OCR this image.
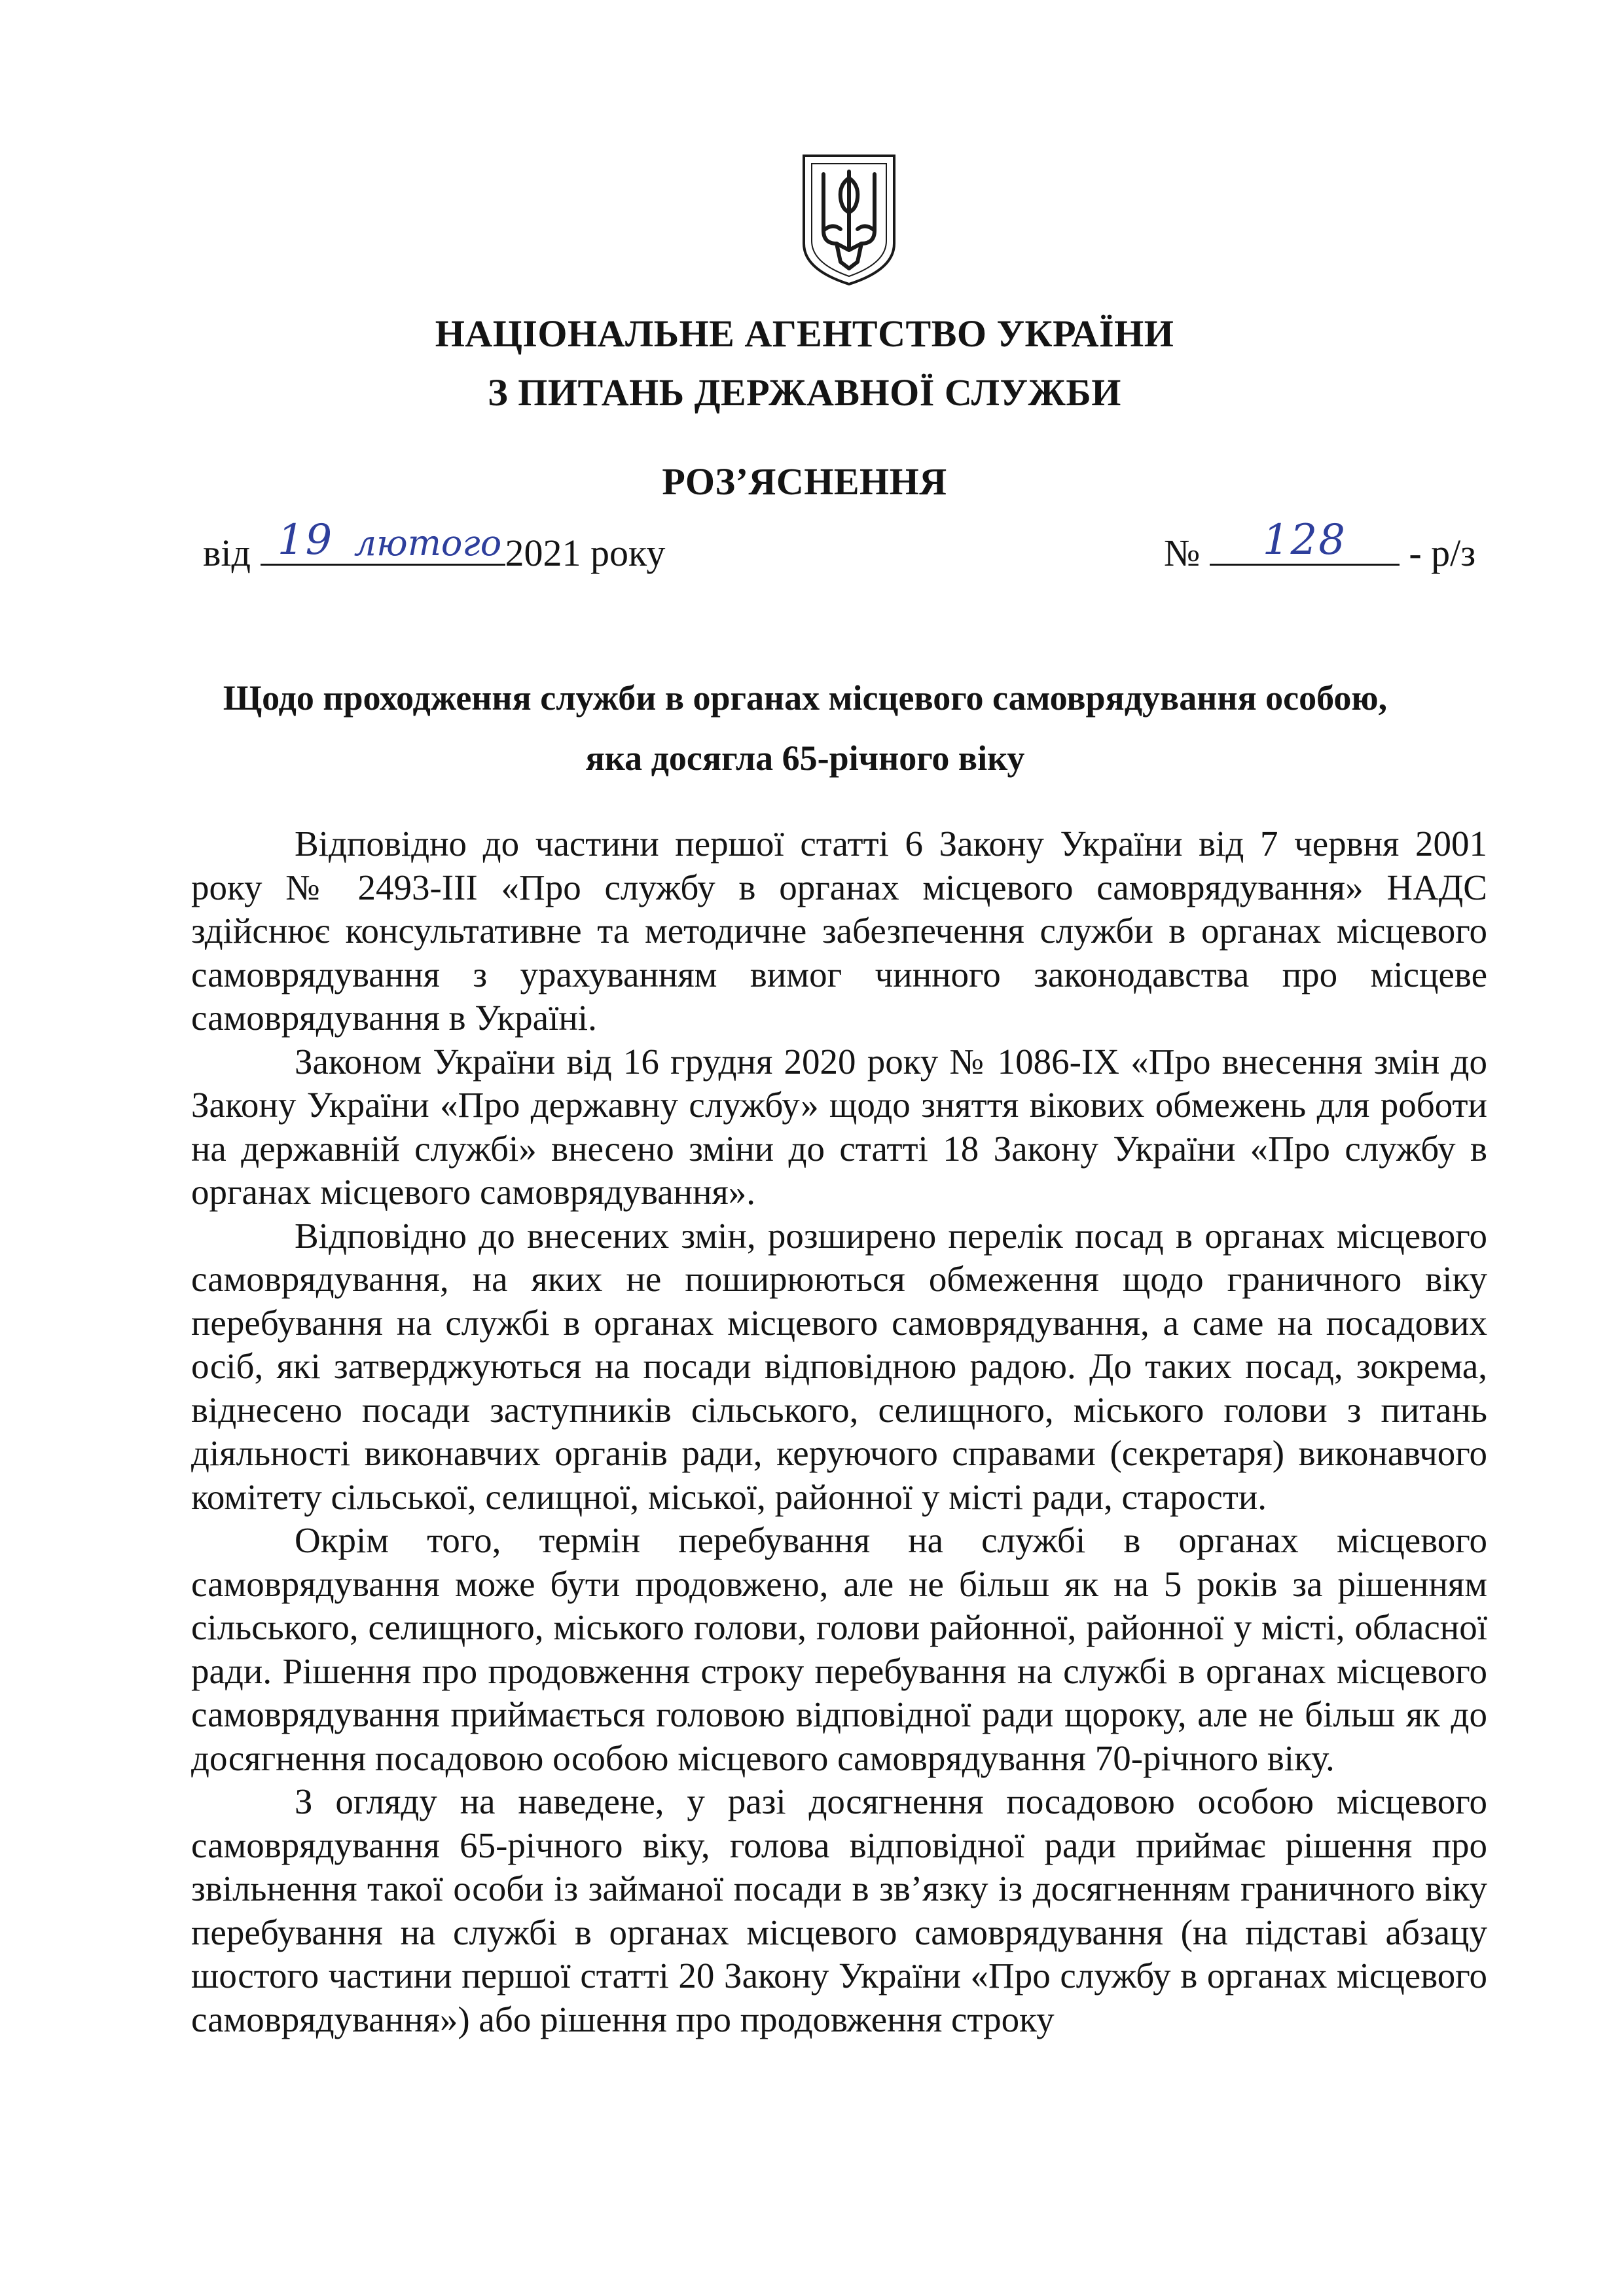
НАЦІОНАЛЬНЕ АГЕНТСТВО УКРАЇНИ
З ПИТАНЬ ДЕРЖАВНОЇ СЛУЖБИ
РОЗ’ЯСНЕННЯ
від 19 лютого 2021 року	№	128	- р/з
Щодо проходження служби в органах місцевого самоврядування особою,
яка досягла 65-річного віку

Відповідно до частини першої статті 6 Закону України від 7 червня 2001 року № 2493-III «Про службу в органах місцевого самоврядування» НАДС здійснює консультативне та методичне забезпечення служби в органах місцевого самоврядування з урахуванням вимог чинного законодавства про місцеве самоврядування в Україні.

Законом України від 16 грудня 2020 року № 1086-IX «Про внесення змін до Закону України «Про державну службу» щодо зняття вікових обмежень для роботи на державній службі» внесено зміни до статті 18 Закону України «Про службу в органах місцевого самоврядування».

Відповідно до внесених змін, розширено перелік посад в органах місцевого самоврядування, на яких не поширюються обмеження щодо граничного віку перебування на службі в органах місцевого самоврядування, а саме на посадових осіб, які затверджуються на посади відповідною радою. До таких посад, зокрема, віднесено посади заступників сільського, селищного, міського голови з питань діяльності виконавчих органів ради, керуючого справами (секретаря) виконавчого комітету сільської, селищної, міської, районної у місті ради, старости.

Окрім того, термін перебування на службі в органах місцевого самоврядування може бути продовжено, але не більш як на 5 років за рішенням сільського, селищного, міського голови, голови районної, районної у місті, обласної ради. Рішення про продовження строку перебування на службі в органах місцевого самоврядування приймається головою відповідної ради щороку, але не більш як до досягнення посадовою особою місцевого самоврядування 70-річного віку.

З огляду на наведене, у разі досягнення посадовою особою місцевого самоврядування 65-річного віку, голова відповідної ради приймає рішення про звільнення такої особи із займаної посади в зв’язку із досягненням граничного віку перебування на службі в органах місцевого самоврядування (на підставі абзацу шостого частини першої статті 20 Закону України «Про службу в органах місцевого самоврядування») або рішення про продовження строку
